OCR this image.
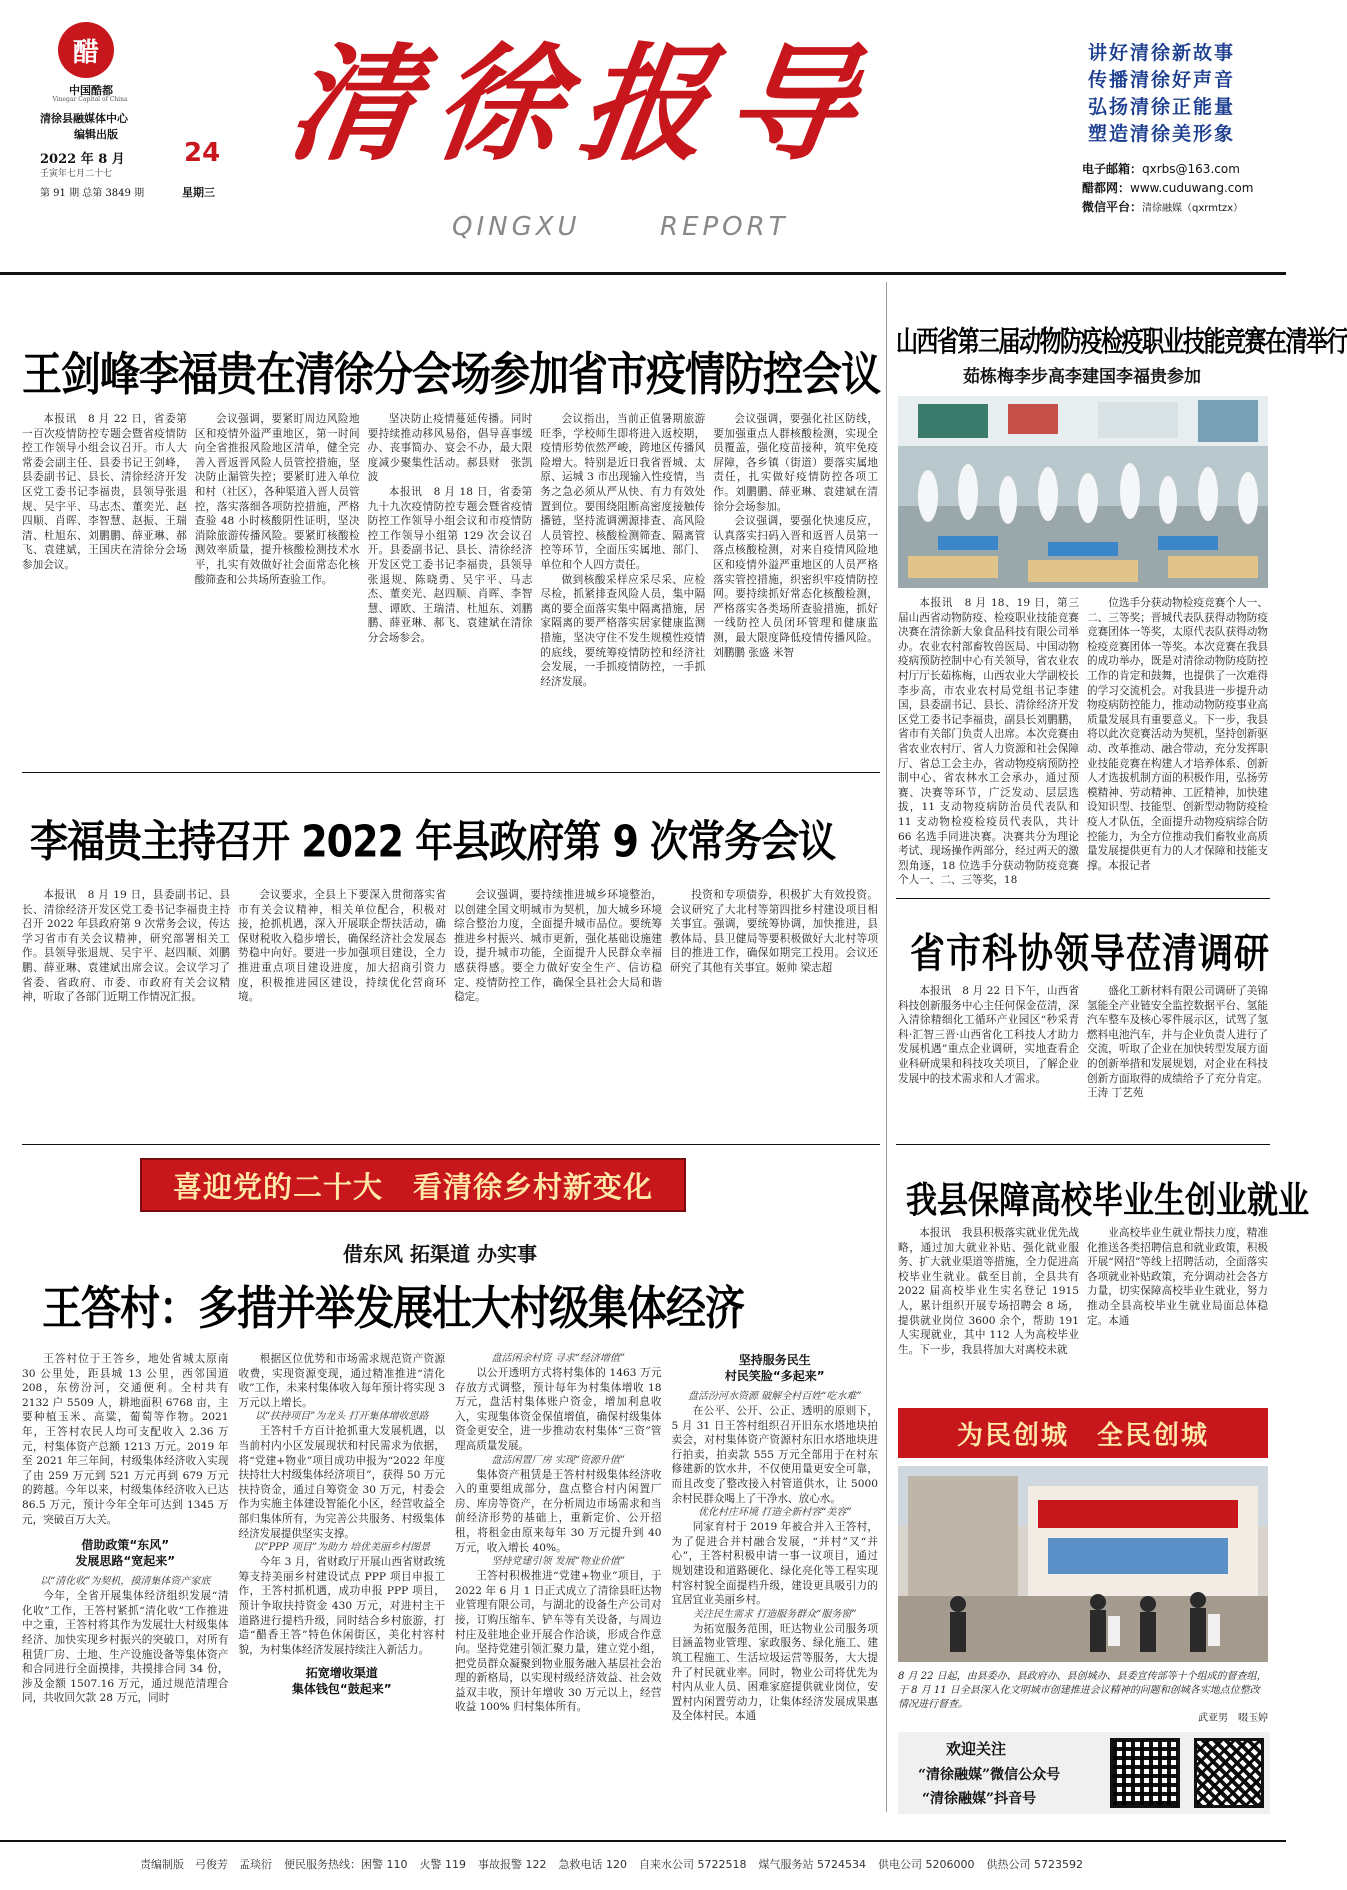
醋
中国酷都
Vinegar Capital of China
清徐县融媒体中心
编辑出版
2022 年 8 月 24
壬寅年七月二十七
第 91 期 总第 3849 期	星期三
清徐报导
QINGXU	REPORT
讲好清徐新故事
传播清徐好声音
弘扬清徐正能量
塑造清徐美形象
电子邮箱：qxrbs@163.com
醋都网：www.cuduwang.com
微信平台：清徐融媒（qxrmtzx）
王剑峰李福贵在清徐分会场参加省市疫情防控会议

本报讯　8 月 22 日，省委第一百次疫情防控专题会暨省疫情防控工作领导小组会议召开。市人大常委会副主任、县委书记王剑峰，县委副书记、县长、清徐经济开发区党工委书记李福贵，县领导张退规、吴宇平、马志杰、董奕光、赵四顺、肖晖、李智慧、赵振、王瑞清、杜旭东、刘鹏鹏、薛亚琳、郝飞、袁建斌，王国庆在清徐分会场参加会议。

会议强调，要紧盯周边风险地区和疫情外溢严重地区，第一时间向全省推报风险地区清单，健全完善入晋返晋风险人员管控措施，坚决防止漏管失控；要紧盯进入单位和村（社区），各种渠道入晋人员管控，落实落细各项防控措施，严格查验 48 小时核酸阴性证明，坚决消除旅游传播风险。要紧盯核酸检测效率质量，提升核酸检测技术水平，扎实有效做好社会面常态化核酸筛查和公共场所查验工作。

坚决防止疫情蔓延传播。同时要持续推动移风易俗，倡导喜事缓办、丧事简办、宴会不办，最大限度减少聚集性活动。郝县财　张凯波

本报讯　8 月 18 日，省委第九十九次疫情防控专题会暨省疫情防控工作领导小组会议和市疫情防控工作领导小组第 129 次会议召开。县委副书记、县长、清徐经济开发区党工委书记李福贵，县领导张退规、陈晓勇、吴宇平、马志杰、董奕光、赵四顺、肖晖、李智慧、谭欧、王瑞清、杜旭东、刘鹏鹏、薛亚琳、郝飞、袁建斌在清徐分会场参会。

会议指出，当前正值暑期旅游旺季，学校师生即将进入返校期，疫情形势依然严峻，跨地区传播风险增大。特别是近日我省晋城、太原、运城 3 市出现输入性疫情，当务之急必须从严从快、有力有效处置到位。要围绕阻断高密度接触传播链，坚持流调溯源排查、高风险人员管控、核酸检测筛查、隔离管控等环节，全面压实属地、部门、单位和个人四方责任。

做到核酸采样应采尽采、应检尽检，抓紧排查风险人员，集中隔离的要全面落实集中隔离措施，居家隔离的要严格落实居家健康监测措施，坚决守住不发生规模性疫情的底线，要统筹疫情防控和经济社会发展，一手抓疫情防控，一手抓经济发展。

会议强调，要强化社区防线，要加强重点人群核酸检测，实现全员覆盖，强化疫苗接种，筑牢免疫屏障，各乡镇（街道）要落实属地责任，扎实做好疫情防控各项工作。刘鹏鹏、薛亚琳、袁建斌在清徐分会场参加。

会议强调，要强化快速反应，认真落实扫码入晋和返晋人员第一落点核酸检测，对来自疫情风险地区和疫情外溢严重地区的人员严格落实管控措施，织密织牢疫情防控网。要持续抓好常态化核酸检测，严格落实各类场所查验措施，抓好一线防控人员闭环管理和健康监测，最大限度降低疫情传播风险。刘鹏鹏 张盛 米智

李福贵主持召开 2022 年县政府第 9 次常务会议

本报讯　8 月 19 日，县委副书记、县长、清徐经济开发区党工委书记李福贵主持召开 2022 年县政府第 9 次常务会议，传达学习省市有关会议精神，研究部署相关工作。县领导张退规、吴宇平、赵四顺、刘鹏鹏、薛亚琳、袁建斌出席会议。会议学习了省委、省政府、市委、市政府有关会议精神，听取了各部门近期工作情况汇报。

会议要求，全县上下要深入贯彻落实省市有关会议精神，相关单位配合，积极对接，抢抓机遇，深入开展联企帮扶活动，确保财税收入稳步增长，确保经济社会发展态势稳中向好。要进一步加强项目建设，全力推进重点项目建设进度，加大招商引资力度，积极推进园区建设，持续优化营商环境。

会议强调，要持续推进城乡环境整治，以创建全国文明城市为契机，加大城乡环境综合整治力度，全面提升城市品位。要统筹推进乡村振兴、城市更新，强化基础设施建设，提升城市功能，全面提升人民群众幸福感获得感。要全力做好安全生产、信访稳定、疫情防控工作，确保全县社会大局和谐稳定。

投资和专项债券，积极扩大有效投资。会议研究了大北村等第四批乡村建设项目相关事宜。强调，要统筹协调，加快推进，县教体局、县卫健局等要积极做好大北村等项目的推进工作，确保如期完工投用。会议还研究了其他有关事宜。姬帅 梁志超

喜迎党的二十大　看清徐乡村新变化
借东风 拓渠道 办实事
王答村：多措并举发展壮大村级集体经济

王答村位于王答乡，地处省城太原南 30 公里处，距县城 13 公里，西邻国道 208，东傍汾河，交通便利。全村共有 2132 户 5509 人，耕地面积 6768 亩，主要种植玉米、高粱，葡萄等作物。2021 年，王答村农民人均可支配收入 2.36 万元，村集体资产总额 1213 万元。2019 年至 2021 年三年间，村级集体经济收入实现了由 259 万元到 521 万元再到 679 万元的跨越。今年以来，村级集体经济收入已达 86.5 万元，预计今年全年可达到 1345 万元，突破百万大关。

借助政策“东风”
发展思路“宽起来”
以“清化收”为契机，摸清集体资产家底

今年，全省开展集体经济组织发展“清化收”工作，王答村紧抓“清化收”工作推进中之重，王答村将其作为发展壮大村级集体经济、加快实现乡村振兴的突破口，对所有租赁厂房、土地、生产设施设备等集体资产和合同进行全面摸排，共摸排合同 34 份，涉及金额 1507.16 万元，通过规范清理合同，共收回欠款 28 万元，同时

根据区位优势和市场需求规范资产资源收费，实现资源变现，通过精准推进“清化收”工作，未来村集体收入每年预计将实现 3 万元以上增长。

以“扶持项目”为龙头 打开集体增收思路

王答村千方百计抢抓重大发展机遇，以当前村内小区发展现状和村民需求为依据，将“党建+物业”项目成功申报为“2022 年度扶持壮大村级集体经济项目”，获得 50 万元扶持资金，通过自筹资金 30 万元，村委会作为实施主体建设智能化小区，经营收益全部归集体所有，为完善公共服务、村级集体经济发展提供坚实支撑。

以“PPP 项目”为助力 培优美丽乡村图景

今年 3 月，省财政厅开展山西省财政统筹支持美丽乡村建设试点 PPP 项目申报工作，王答村抓机遇，成功申报 PPP 项目，预计争取扶持资金 430 万元，对进村主干道路进行提档升级，同时结合乡村旅游，打造“醋香王答”特色休闲街区，美化村容村貌，为村集体经济发展持续注入新活力。

拓宽增收渠道
集体钱包“鼓起来”
盘活闲余村资 寻求“经济增值”

以公开透明方式将村集体的 1463 万元存放方式调整，预计每年为村集体增收 18 万元，盘活村集体账户资金，增加利息收入，实现集体资金保值增值，确保村级集体资金更安全，进一步推动农村集体“三资”管理高质量发展。

盘活闲置厂房 实现“资源升值”

集体资产租赁是王答村村级集体经济收入的重要组成部分，盘点整合村内闲置厂房、库房等资产，在分析周边市场需求和当前经济形势的基础上，重新定价、公开招租，将租金由原来每年 30 万元提升到 40 万元，收入增长 40%。

坚持党建引领 发展“物业价值”

王答村积极推进“党建+物业”项目，于 2022 年 6 月 1 日正式成立了清徐县旺达物业管理有限公司，与湖北的设备生产公司对接，订购压缩车、铲车等有关设备，与周边村庄及驻地企业开展合作洽谈，形成合作意向。坚持党建引领汇聚力量，建立党小组，把党员群众凝聚到物业服务融入基层社会治理的新格局，以实现村级经济效益、社会效益双丰收，预计年增收 30 万元以上，经营收益 100% 归村集体所有。

坚持服务民生
村民笑脸“多起来”
盘活汾河水资源 破解全村百姓“吃水难”

在公平、公开、公正、透明的原则下，5 月 31 日王答村组织召开旧东水塔地块拍卖会，对村集体资产资源村东旧水塔地块进行拍卖，拍卖款 555 万元全部用于在村东修建新的饮水井，不仅使用量更安全可靠，而且改变了整改接入村管道供水，让 5000 余村民群众喝上了干净水、放心水。

优化村庄环境 打造全新村容“美容”

同家育村于 2019 年被合并入王答村，为了促进合并村融合发展，“并村”又“并心”，王答村积极申请一事一议项目，通过规划建设和道路硬化、绿化亮化等工程实现村容村貌全面提档升级，建设更具吸引力的宜居宜业美丽乡村。

关注民生需求 打造服务群众“服务窗”

为拓宽服务范围，旺达物业公司服务项目涵盖物业管理、家政服务、绿化施工、建筑工程施工、生活垃圾运营等服务，大大提升了村民就业率。同时，物业公司将优先为村内从业人员、困难家庭提供就业岗位，安置村内闲置劳动力，让集体经济发展成果惠及全体村民。本通

山西省第三届动物防疫检疫职业技能竞赛在清举行
茹栋梅李步高李建国李福贵参加

本报讯　8 月 18、19 日，第三届山西省动物防疫、检疫职业技能竞赛决赛在清徐新大象食品科技有限公司举办。农业农村部畜牧兽医局、中国动物疫病预防控制中心有关领导，省农业农村厅厅长茹栋梅，山西农业大学副校长李步高，市农业农村局党组书记李建国，县委副书记、县长、清徐经济开发区党工委书记李福贵，副县长刘鹏鹏，省市有关部门负责人出席。本次竞赛由省农业农村厅、省人力资源和社会保障厅、省总工会主办，省动物疫病预防控制中心、省农林水工会承办，通过预赛、决赛等环节，广泛发动、层层选拔，11 支动物疫病防治员代表队和 11 支动物检疫检疫员代表队，共计 66 名选手同进决赛。决赛共分为理论考试、现场操作两部分，经过两天的激烈角逐，18 位选手分获动物防疫竞赛个人一、二、三等奖，18

位选手分获动物检疫竞赛个人一、二、三等奖；晋城代表队获得动物防疫竞赛团体一等奖，太原代表队获得动物检疫竞赛团体一等奖。本次竞赛在我县的成功举办，既是对清徐动物防疫防控工作的肯定和鼓舞，也提供了一次难得的学习交流机会。对我县进一步提升动物疫病防控能力，推动动物防疫事业高质量发展具有重要意义。下一步，我县将以此次竞赛活动为契机，坚持创新驱动、改革推动、融合带动，充分发挥职业技能竞赛在构建人才培养体系、创新人才选拔机制方面的积极作用，弘扬劳模精神、劳动精神、工匠精神，加快建设知识型、技能型、创新型动物防疫检疫人才队伍，全面提升动物疫病综合防控能力，为全方位推动我们畜牧业高质量发展提供更有力的人才保障和技能支撑。本报记者

省市科协领导莅清调研

本报讯　8 月 22 日下午，山西省科技创新服务中心主任何保金莅清，深入清徐精细化工循环产业园区“秒采青科·汇智三晋·山西省化工科技人才助力发展机遇”重点企业调研，实地查看企业科研成果和科技攻关项目，了解企业发展中的技术需求和人才需求。

盛化工新材料有限公司调研了美锦氢能全产业链安全监控数据平台、氢能汽车整车及核心零件展示区，试驾了氢燃料电池汽车，并与企业负责人进行了交流，听取了企业在加快转型发展方面的创新举措和发展规划，对企业在科技创新方面取得的成绩给予了充分肯定。王涛 丁艺苑

我县保障高校毕业生创业就业

本报讯　我县积极落实就业优先战略，通过加大就业补贴、强化就业服务、扩大就业渠道等措施，全力促进高校毕业生就业。截至目前，全县共有 2022 届高校毕业生实名登记 1915 人，累计组织开展专场招聘会 8 场，提供就业岗位 3600 余个，帮助 191 人实现就业，其中 112 人为高校毕业生。下一步，我县将加大对离校未就

业高校毕业生就业帮扶力度，精准化推送各类招聘信息和就业政策，积极开展“网招”等线上招聘活动，全面落实各项就业补贴政策，充分调动社会各方力量，切实保障高校毕业生就业，努力推动全县高校毕业生就业局面总体稳定。本通

为民创城　全民创城
8 月 22 日起，由县委办、县政府办、县创城办、县委宣传部等十个组成的督查组，于 8 月 11 日全县深入化文明城市创建推进会议精神的问题和创城各实地点位整改情况进行督查。
武亚男　啜玉婷
欢迎关注
“清徐融媒”微信公众号
“清徐融媒”抖音号
责编制版　弓俊芳　孟琰衍 便民服务热线：困警 110 火警 119 事故报警 122 急救电话 120 自来水公司 5722518 煤气服务站 5724534 供电公司 5206000 供热公司 5723592
